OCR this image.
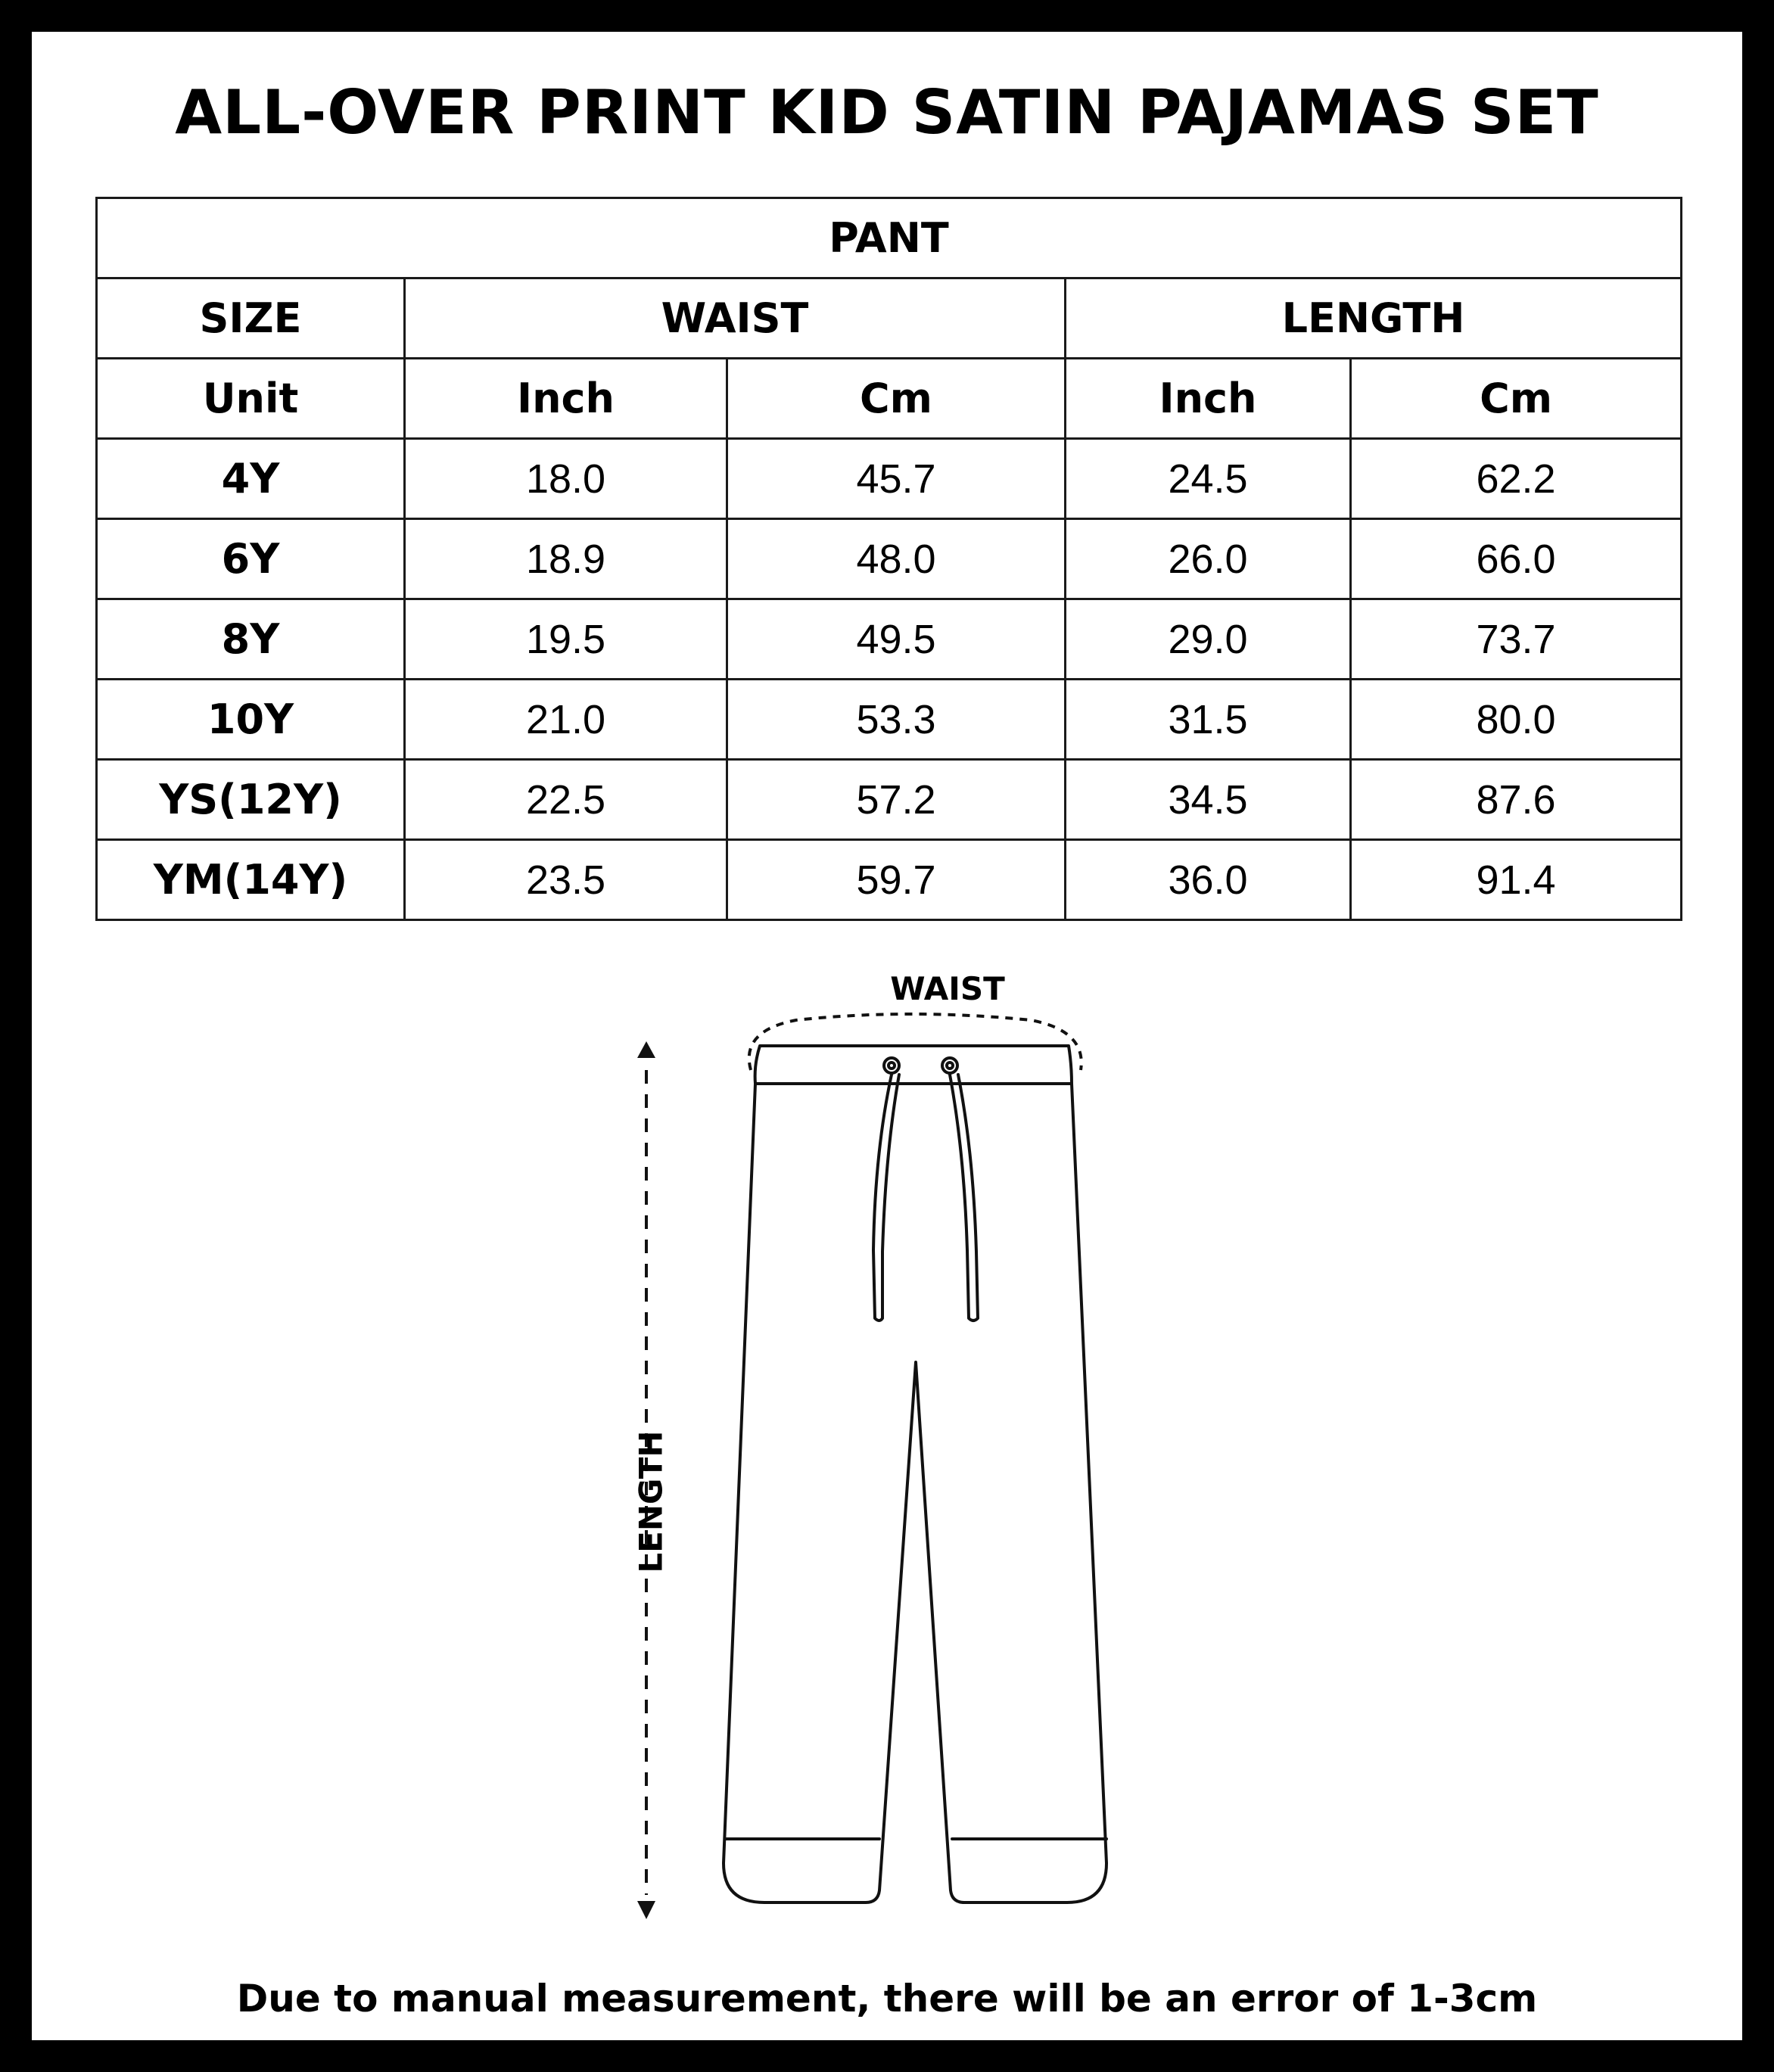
ALL-OVER PRINT KID SATIN PAJAMAS SET
PANT				
SIZE	WAIST		LENGTH	
Unit	Inch	Cm	Inch	Cm
4Y	18.0	45.7	24.5	62.2
6Y	18.9	48.0	26.0	66.0
8Y	19.5	49.5	29.0	73.7
10Y	21.0	53.3	31.5	80.0
YS(12Y)	22.5	57.2	34.5	87.6
YM(14Y)	23.5	59.7	36.0	91.4
WAIST
LENGTH
Due to manual measurement, there will be an error of 1-3cm
